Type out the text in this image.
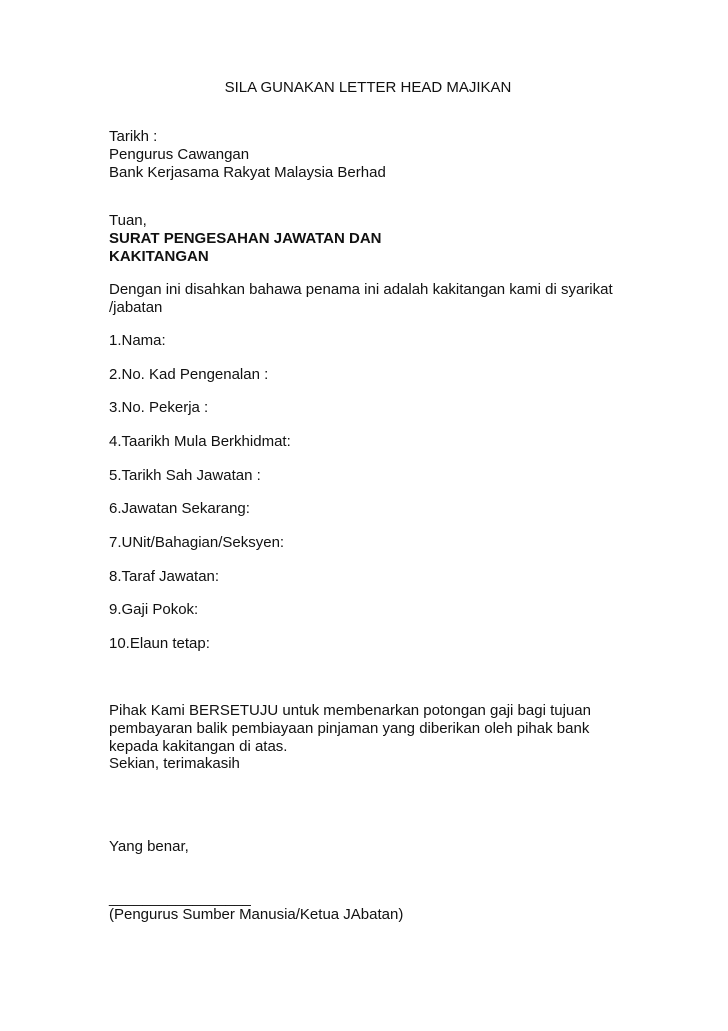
SILA GUNAKAN LETTER HEAD MAJIKAN
Tarikh :
Pengurus Cawangan
Bank Kerjasama Rakyat Malaysia Berhad
Tuan,
SURAT PENGESAHAN JAWATAN DAN
KAKITANGAN
Dengan ini disahkan bahawa penama ini adalah kakitangan kami di syarikat
/jabatan
1.Nama:
2.No. Kad Pengenalan :
3.No. Pekerja :
4.Taarikh Mula Berkhidmat:
5.Tarikh Sah Jawatan :
6.Jawatan Sekarang:
7.UNit/Bahagian/Seksyen:
8.Taraf Jawatan:
9.Gaji Pokok:
10.Elaun tetap:
Pihak Kami BERSETUJU untuk membenarkan potongan gaji bagi tujuan
pembayaran balik pembiayaan pinjaman yang diberikan oleh pihak bank
kepada kakitangan di atas.
Sekian, terimakasih
Yang benar,
_________________
(Pengurus Sumber Manusia/Ketua JAbatan)
